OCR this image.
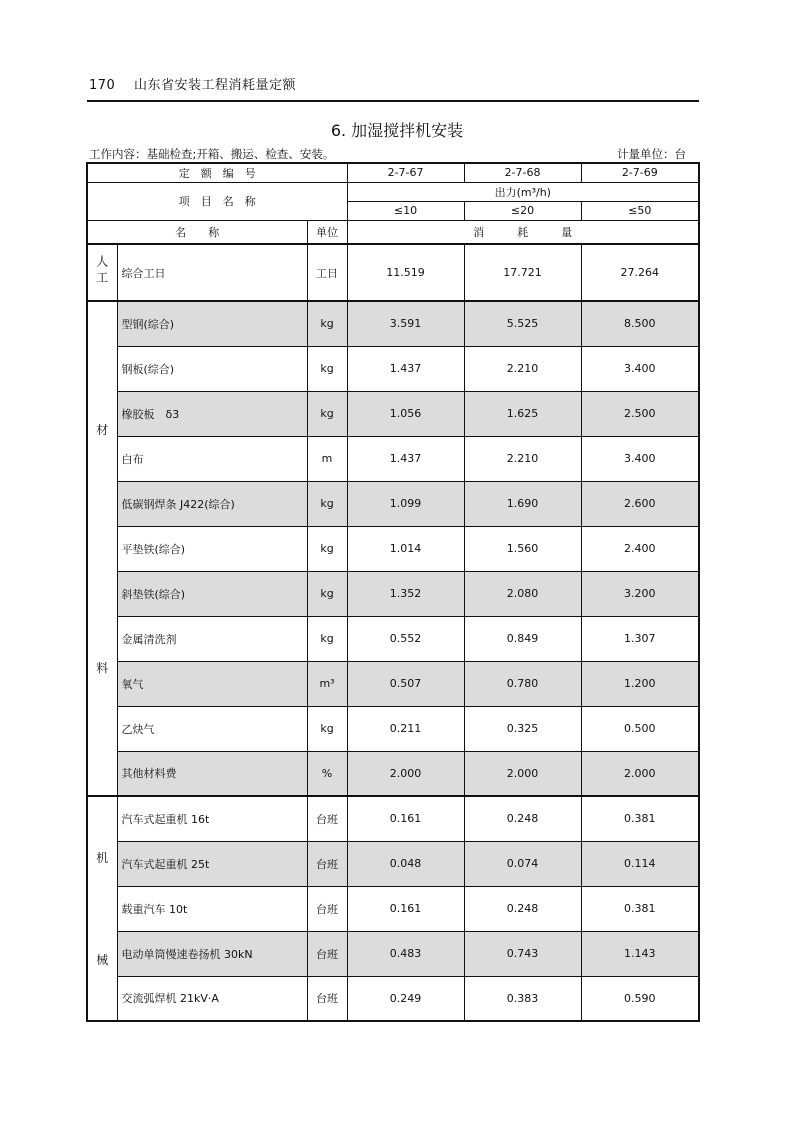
170 山东省安装工程消耗量定额
6. 加湿搅拌机安装
工作内容：基础检查;开箱、搬运、检查、安装。	计量单位：台
定　额　编　号			2-7-67	2-7-68	2-7-69
项　目　名　称			出力(m³/h)		
			≤10	≤20	≤50
名　　称		单位	消　　　耗　　　量		
人工	综合工日	工日	11.519	17.721	27.264

材
料	型钢(综合)	kg	3.591	5.525	8.500
	钢板(综合)	kg	1.437	2.210	3.400
	橡胶板　δ3	kg	1.056	1.625	2.500
	白布	m	1.437	2.210	3.400
	低碳钢焊条 J422(综合)	kg	1.099	1.690	2.600
	平垫铁(综合)	kg	1.014	1.560	2.400
	斜垫铁(综合)	kg	1.352	2.080	3.200
	金属清洗剂	kg	0.552	0.849	1.307
	氧气	m³	0.507	0.780	1.200
	乙炔气	kg	0.211	0.325	0.500
	其他材料费	%	2.000	2.000	2.000

机
械	汽车式起重机 16t	台班	0.161	0.248	0.381
	汽车式起重机 25t	台班	0.048	0.074	0.114
	载重汽车 10t	台班	0.161	0.248	0.381
	电动单筒慢速卷扬机 30kN	台班	0.483	0.743	1.143
	交流弧焊机 21kV·A	台班	0.249	0.383	0.590
